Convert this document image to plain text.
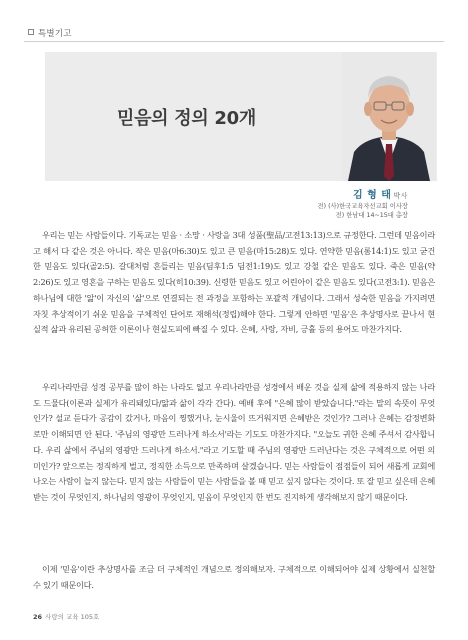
특별기고
믿음의 정의 20개
김 형 태 박사
전) (사)한국교육자선교회 이사장
전) 한남대 14~15대 총장

우리는 믿는 사람들이다. 기독교는 믿음 · 소망 · 사랑을 3대 성품(聖品/고전13:13)으로 규정한다. 그런데 믿음이라고 해서 다 같은 것은 아니다. 작은 믿음(마6:30)도 있고 큰 믿음(마15:28)도 있다. 연약한 믿음(롬14:1)도 있고 굳건한 믿음도 있다(골2:5). 갈대처럼 흔들리는 믿음(딤후1:5 딤전1:19)도 있고 강철 같은 믿음도 있다. 죽은 믿음(약2:26)도 있고 영혼을 구하는 믿음도 있다(히10:39). 신령한 믿음도 있고 어린아이 같은 믿음도 있다(고전3:1). 믿음은 하나님에 대한 '앎'이 자신의 '삶'으로 연결되는 전 과정을 포함하는 포괄적 개념이다. 그래서 성숙한 믿음을 가지려면 자칫 추상적이기 쉬운 믿음을 구체적인 단어로 재해석(정립)해야 한다. 그렇게 안하면 '믿음'은 추상명사로 끝나서 현실적 삶과 유리된 공허한 이론이나 현실도피에 빠질 수 있다. 은혜, 사랑, 자비, 긍휼 등의 용어도 마찬가지다.

우리나라만큼 성경 공부를 많이 하는 나라도 없고 우리나라만큼 성경에서 배운 것을 실제 삶에 적용하지 않는 나라도 드물다(이론과 실제가 유리돼있다/앎과 삶이 각각 간다). 예배 후에 "은혜 많이 받았습니다."라는 말의 속뜻이 무엇인가? 설교 듣다가 공감이 갔거나, 마음이 찡했거나, 눈시울이 뜨거워지면 은혜받은 것인가? 그러나 은혜는 감정변화로만 이해되면 안 된다. '주님의 영광만 드러나게 하소서'라는 기도도 마찬가지다. "오늘도 귀한 은혜 주셔서 감사합니다. 우리 삶에서 주님의 영광만 드러나게 하소서."라고 기도할 때 주님의 영광만 드러난다는 것은 구체적으로 어떤 의미인가? 앞으로는 정직하게 벌고, 정직한 소득으로 만족하며 살겠습니다. 믿는 사람들이 점점들이 되어 새롭게 교회에 나오는 사람이 늘지 않는다. 믿지 않는 사람들이 믿는 사람들을 볼 때 믿고 싶지 않다는 것이다. 또 잘 믿고 싶은데 은혜받는 것이 무엇인지, 하나님의 영광이 무엇인지, 믿음이 무엇인지 한 번도 진지하게 생각해보지 않기 때문이다.

이제 '믿음'이란 추상명사를 조금 더 구체적인 개념으로 정의해보자. 구체적으로 이해되어야 실제 상황에서 실천할 수 있기 때문이다.

26 사랑의 교육 105호
